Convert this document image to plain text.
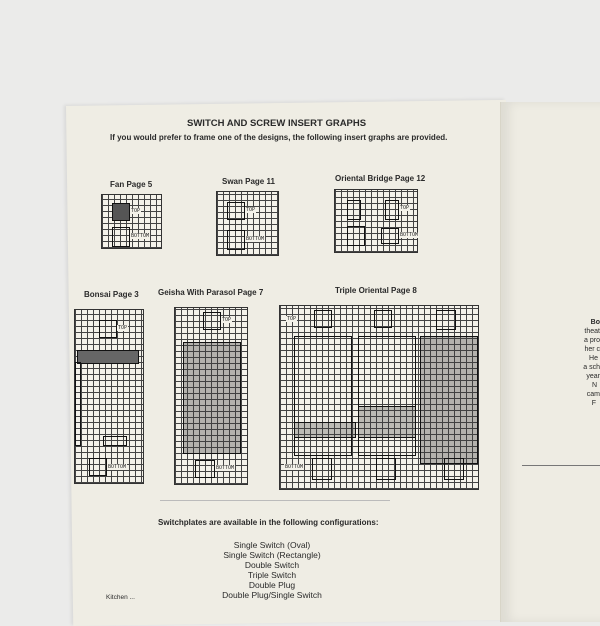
SWITCH AND SCREW INSERT GRAPHS
If you would prefer to frame one of the designs, the following insert graphs are provided.
Fan Page 5
TOP
BOTTOM
Swan Page 11
TOP
BOTTOM
Oriental Bridge Page 12
TOP
BOTTOM
Bonsai Page 3
TOP
BOTTOM
Geisha With Parasol Page 7
TOP
BOTTOM
Triple Oriental Page 8
TOP
BOTTOM
Switchplates are available in the following configurations:
Single Switch (Oval)
Single Switch (Rectangle)
Double Switch
Triple Switch
Double Plug
Double Plug/Single Switch
Kitchen ...
Bo
theat
a pro
her c
He
a sch
year
N
cam
F
